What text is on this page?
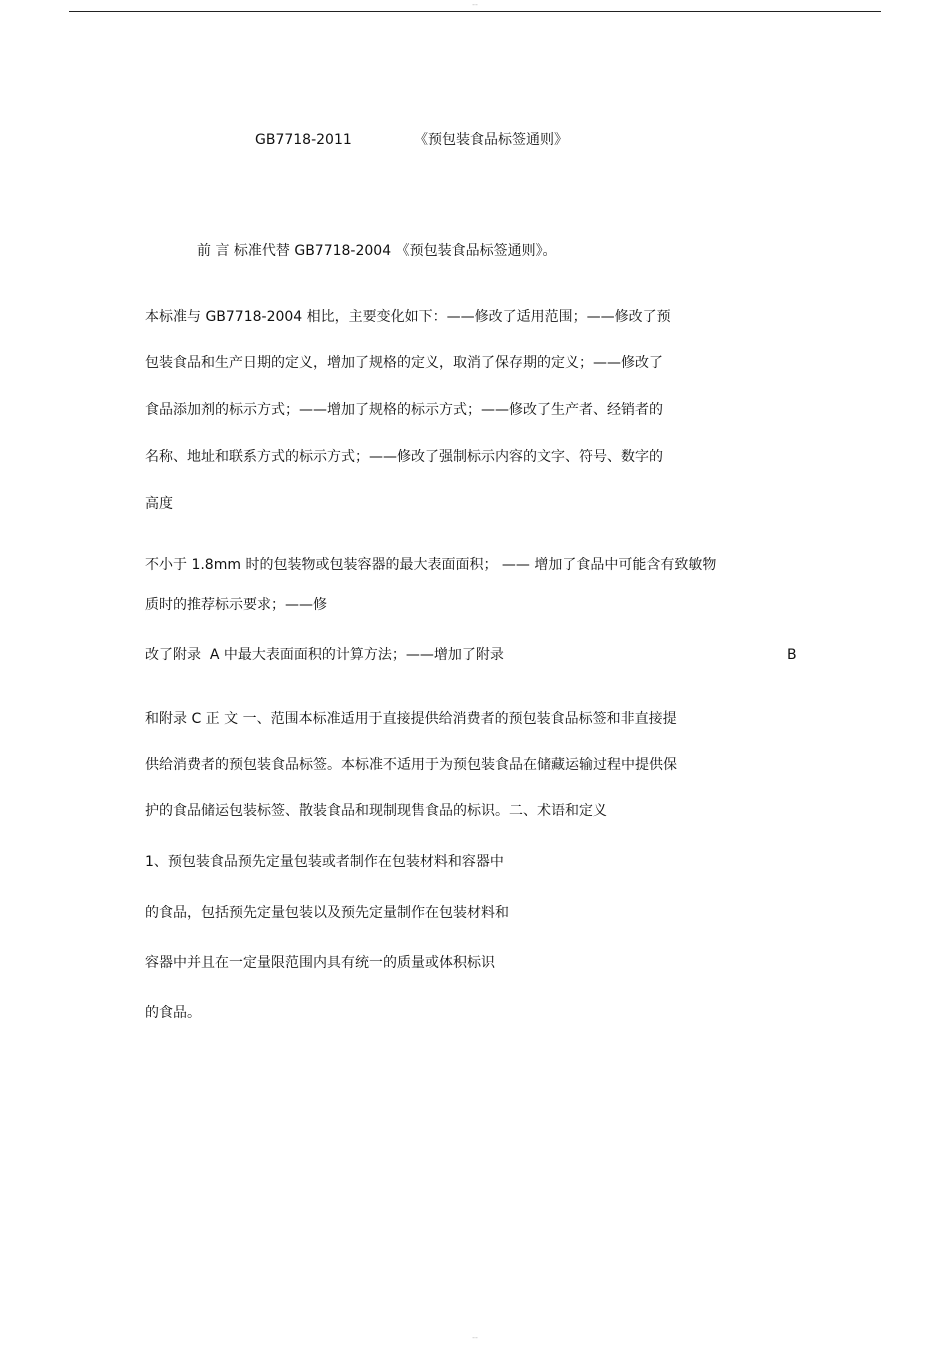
--
GB7718-2011	《预包装食品标签通则》
前 言 标准代替 GB7718-2004 《预包装食品标签通则》。
本标准与 GB7718-2004 相比，主要变化如下：——修改了适用范围；——修改了预
包装食品和生产日期的定义，增加了规格的定义，取消了保存期的定义；——修改了
食品添加剂的标示方式；——增加了规格的标示方式；——修改了生产者、经销者的
名称、地址和联系方式的标示方式；——修改了强制标示内容的文字、符号、数字的
高度
不小于 1.8mm 时的包装物或包装容器的最大表面面积； —— 增加了食品中可能含有致敏物
质时的推荐标示要求；——修
改了附录  A 中最大表面面积的计算方法；——增加了附录	B
和附录 C 正 文 一、范围本标准适用于直接提供给消费者的预包装食品标签和非直接提
供给消费者的预包装食品标签。本标准不适用于为预包装食品在储藏运输过程中提供保
护的食品储运包装标签、散装食品和现制现售食品的标识。二、术语和定义
1、预包装食品预先定量包装或者制作在包装材料和容器中
的食品，包括预先定量包装以及预先定量制作在包装材料和
容器中并且在一定量限范围内具有统一的质量或体积标识
的食品。
--
